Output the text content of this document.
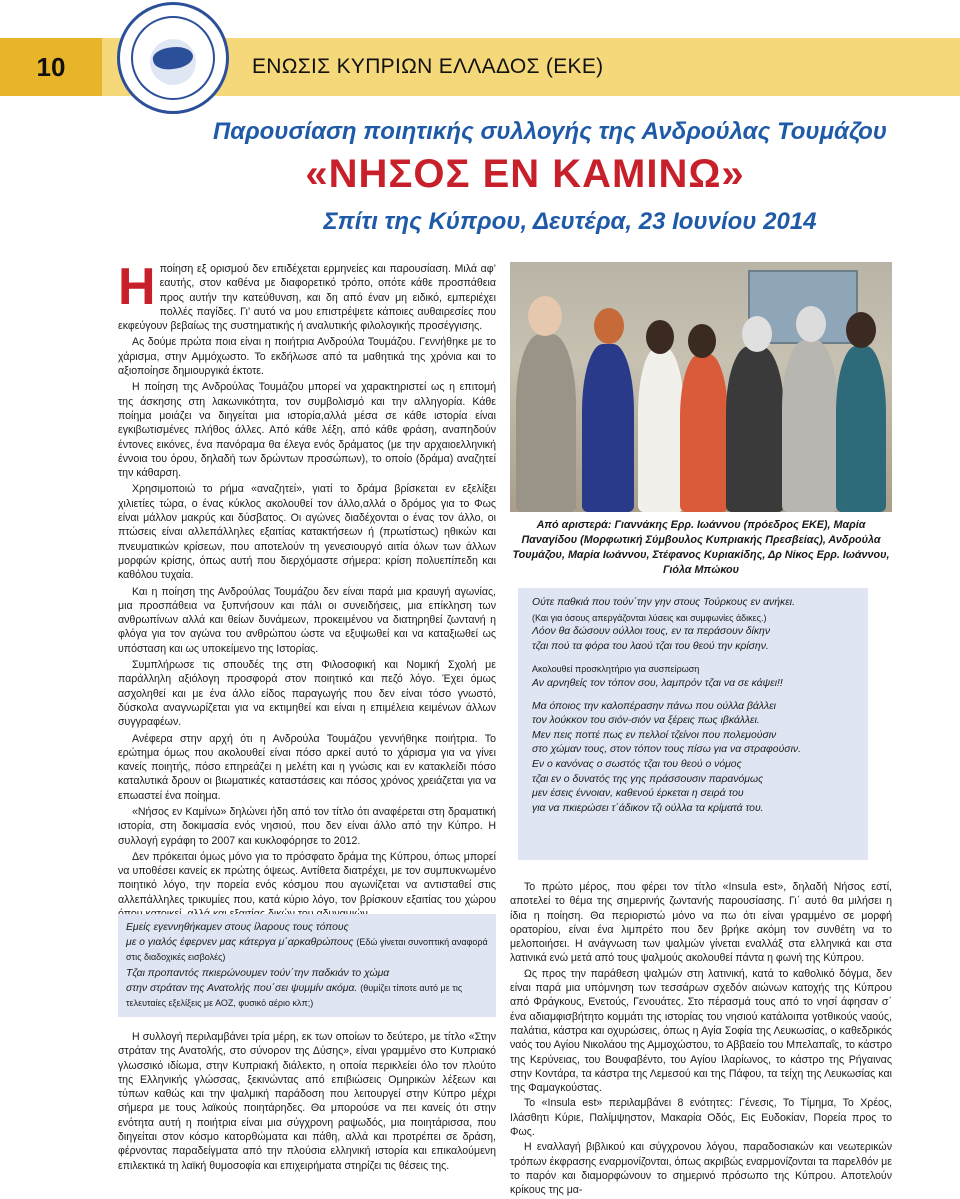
10	ΕΝΩΣΙΣ ΚΥΠΡΙΩΝ ΕΛΛΑΔΟΣ (ΕΚΕ)
Παρουσίαση ποιητικής συλλογής της Ανδρούλας Τουμάζου
«ΝΗΣΟΣ ΕΝ ΚΑΜΙΝΩ»
Σπίτι της Κύπρου, Δευτέρα, 23 Ιουνίου 2014

Ηποίηση εξ ορισμού δεν επιδέχεται ερμηνείες και παρουσίαση. Μιλά αφ’ εαυτής, στον καθένα με διαφορετικό τρόπο, οπότε κάθε προσπάθεια προς αυτήν την κατεύθυνση, και δη από έναν μη ειδικό, εμπεριέχει πολλές παγίδες. Γι’ αυτό να μου επιστρέψετε κάποιες αυθαιρεσίες που εκφεύγουν βεβαίως της συστηματικής ή αναλυτικής φιλολογικής προσέγγισης.

Ας δούμε πρώτα ποια είναι η ποιήτρια Ανδρούλα Τουμάζου. Γεννήθηκε με το χάρισμα, στην Αμμόχωστο. Το εκδήλωσε από τα μαθητικά της χρόνια και το αξιοποίησε δημιουργικά έκτοτε.

Η ποίηση της Ανδρούλας Τουμάζου μπορεί να χαρακτηριστεί ως η επιτομή της άσκησης στη λακωνικότητα, τον συμβολισμό και την αλληγορία. Κάθε ποίημα μοιάζει να διηγείται μια ιστορία,αλλά μέσα σε κάθε ιστορία είναι εγκιβωτισμένες πλήθος άλλες. Από κάθε λέξη, από κάθε φράση, αναπηδούν έντονες εικόνες, ένα πανόραμα θα έλεγα ενός δράματος (με την αρχαιοελληνική έννοια του όρου, δηλαδή των δρώντων προσώπων), το οποίο (δράμα) αναζητεί την κάθαρση.

Χρησιμοποιώ το ρήμα «αναζητεί», γιατί το δράμα βρίσκεται εν εξελίξει χιλιετίες τώρα, ο ένας κύκλος ακολουθεί τον άλλο,αλλά ο δρόμος για το Φως είναι μάλλον μακρύς και δύσβατος. Οι αγώνες διαδέχονται ο ένας τον άλλο, οι πτώσεις είναι αλλεπάλληλες εξαιτίας κατακτήσεων ή (πρωτίστως) ηθικών και πνευματικών κρίσεων, που αποτελούν τη γενεσιουργό αιτία όλων των άλλων μορφών κρίσης, όπως αυτή που διερχόμαστε σήμερα: κρίση πολυεπίπεδη και καθόλου τυχαία.

Και η ποίηση της Ανδρούλας Τουμάζου δεν είναι παρά μια κραυγή αγωνίας, μια προσπάθεια να ξυπνήσουν και πάλι οι συνειδήσεις, μια επίκληση των ανθρωπίνων αλλά και θείων δυνάμεων, προκειμένου να διατηρηθεί ζωντανή η φλόγα για τον αγώνα του ανθρώπου ώστε να εξυψωθεί και να καταξιωθεί ως υπόσταση και ως υποκείμενο της Ιστορίας.

Συμπλήρωσε τις σπουδές της στη Φιλοσοφική και Νομική Σχολή με παράλληλη αξιόλογη προσφορά στον ποιητικό και πεζό λόγο. Έχει όμως ασχοληθεί και με ένα άλλο είδος παραγωγής που δεν είναι τόσο γνωστό, δύσκολα αναγνωρίζεται για να εκτιμηθεί και είναι η επιμέλεια κειμένων άλλων συγγραφέων.

Ανέφερα στην αρχή ότι η Ανδρούλα Τουμάζου γεννήθηκε ποιήτρια. Το ερώτημα όμως που ακολουθεί είναι πόσο αρκεί αυτό το χάρισμα για να γίνει κανείς ποιητής, πόσο επηρεάζει η μελέτη και η γνώσις και εν κατακλείδι πόσο καταλυτικά δρουν οι βιωματικές καταστάσεις και πόσος χρόνος χρειάζεται για να επωαστεί ένα ποίημα.

«Νήσος εν Καμίνω» δηλώνει ήδη από τον τίτλο ότι αναφέρεται στη δραματική ιστορία, στη δοκιμασία ενός νησιού, που δεν είναι άλλο από την Κύπρο. Η συλλογή εγράφη το 2007 και κυκλοφόρησε το 2012.

Δεν πρόκειται όμως μόνο για το πρόσφατο δράμα της Κύπρου, όπως μπορεί να υποθέσει κανείς εκ πρώτης όψεως. Αντίθετα διατρέχει, με τον συμπυκνωμένο ποιητικό λόγο, την πορεία ενός κόσμου που αγωνίζεται να αντισταθεί στις αλλεπάλληλες τρικυμίες που, κατά κύριο λόγο, τον βρίσκουν εξαιτίας του χώρου

Εμείς εγεννηθήκαμεν στους ίλαρους τους τόπους
με ο γιαλός έφερνεν μας κάτεργα μ΄αρκαθρώπους (Εδώ γίνεται συνοπτική αναφορά στις διαδοχικές εισβολές)
Τζαι προπαντός πκιερώνουμεν τούν΄την παδκιάν το χώμα
στην στράταν της Ανατολής που΄σει ψυμμίν ακόμα. (θυμίζει τίποτε αυτό με τις τελευταίες εξελίξεις με ΑΟΖ, φυσικό αέριο κλπ;)

Η συλλογή περιλαμβάνει τρία μέρη, εκ των οποίων το δεύτερο, με τίτλο «Στην στράταν της Ανατολής, στο σύνορον της Δύσης», είναι γραμμένο στο Κυπριακό γλωσσικό ιδίωμα, στην Κυπριακή διάλεκτο, η οποία περικλείει όλο τον πλούτο της Ελληνικής γλώσσας, ξεκινώντας από επιβιώσεις Ομηρικών λέξεων και τύπων καθώς και την ψαλμική παράδοση που λειτουργεί στην Κύπρο μέχρι σήμερα με τους λαϊκούς ποιητάρηδες. Θα μπορούσε να πει κανείς ότι στην ενότητα αυτή η ποιήτρια είναι μια σύγχρονη ραψωδός, μια ποιητάρισσα, που διηγείται στον κόσμο κατορθώματα και πάθη, αλλά και προτρέπει σε δράση, φέρνοντας παραδείγματα από την πλούσια ελληνική ιστορία και επικαλούμενη επιλεκτικά τη λαϊκή θυμοσοφία και επιχειρήματα στηρίζει τις θέσεις της.

Από αριστερά: Γιαννάκης Ερρ. Ιωάννου (πρόεδρος ΕΚΕ), Μαρία Παναγίδου (Μορφωτική Σύμβουλος Κυπριακής Πρεσβείας), Ανδρούλα Τουμάζου, Μαρία Ιωάννου, Στέφανος Κυριακίδης, Δρ Νίκος Ερρ. Ιωάννου, Γιόλα Μπώκου
Ούτε παθκιά που τούν΄την γην στους Τούρκους εν ανήκει.
(Και για όσους απεργάζονται λύσεις και συμφωνίες άδικες.)
Λόον θα δώσουν ούλλοι τους, εν τα περάσουν δίκην
τζαι πού τα φόρα του λαού τζαι του θεού την κρίσην.
Ακολουθεί προσκλητήριο για συσπείρωση
Αν αρνηθείς τον τόπον σου, λαμπρόν τζαι να σε κάψει!!
Μα όποιος την καλοπέρασην πάνω που ούλλα βάλλει
τον λούκκον του σιόν-σιόν να ξέρεις πως ιβκάλλει.
Μεν πεις ποττέ πως εν πελλοί τζείνοι που πολεμούσιν
στο χώμαν τους, στον τόπον τους πίσω για να στραφούσιν.
Εν ο κανόνας ο σωστός τζαι του θεού ο νόμος
τζαι εν ο δυνατός της γης πράσσουσιν παρανόμως
μεν έσεις έννοιαν, καθενού έρκεται η σειρά του
για να πκιερώσει τ΄άδικον τζι ούλλα τα κρίματά του.

Το πρώτο μέρος, που φέρει τον τίτλο «Insula est», δηλαδή Νήσος εστί, αποτελεί το θέμα της σημερινής ζωντανής παρουσίασης. Γι΄ αυτό θα μιλήσει η ίδια η ποίηση. Θα περιοριστώ μόνο να πω ότι είναι γραμμένο σε μορφή ορατορίου, είναι ένα λιμπρέτο που δεν βρήκε ακόμη τον συνθέτη να το μελοποιήσει. Η ανάγνωση των ψαλμών γίνεται εναλλάξ στα ελληνικά και στα λατινικά ενώ μετά από τους ψαλμούς ακολουθεί πάντα η φωνή της Κύπρου.

Ως προς την παράθεση ψαλμών στη λατινική, κατά το καθολικό δόγμα, δεν είναι παρά μια υπόμνηση των τεσσάρων σχεδόν αιώνων κατοχής της Κύπρου από Φράγκους, Ενετούς, Γενουάτες. Στο πέρασμά τους από το νησί άφησαν σ΄ ένα αδιαμφισβήτητο κομμάτι της ιστορίας του νησιού κατάλοιπα γοτθικούς ναούς, παλάτια, κάστρα και οχυρώσεις, όπως η Αγία Σοφία της Λευκωσίας, ο καθεδρικός ναός του Αγίου Νικολάου της Αμμοχώστου, το Αββαείο του Μπελαπαΐς, το κάστρο της Κερύνειας, του Βουφαβέντο, του Αγίου Ιλαρίωνος, το κάστρο της Ρήγαινας στην Κοντάρα, τα κάστρα της Λεμεσού και της Πάφου, τα τείχη της Λευκωσίας και της Φαμαγκούστας.

Το «Insula est» περιλαμβάνει 8 ενότητες: Γένεσις, Το Τίμημα, Το Χρέος, Ιλάσθητι Κύριε, Παλίμψηστον, Μακαρία Οδός, Εις Ευδοκίαν, Πορεία προς το Φως.

Η εναλλαγή βιβλικού και σύγχρονου λόγου, παραδοσιακών και νεωτερικών τρόπων έκφρασης εναρμονίζονται, όπως ακριβώς εναρμονίζονται τα παρελθόν με το παρόν και διαμορφώνουν το σημερινό πρόσωπο της Κύπρου. Αποτελούν κρίκους της μα-
